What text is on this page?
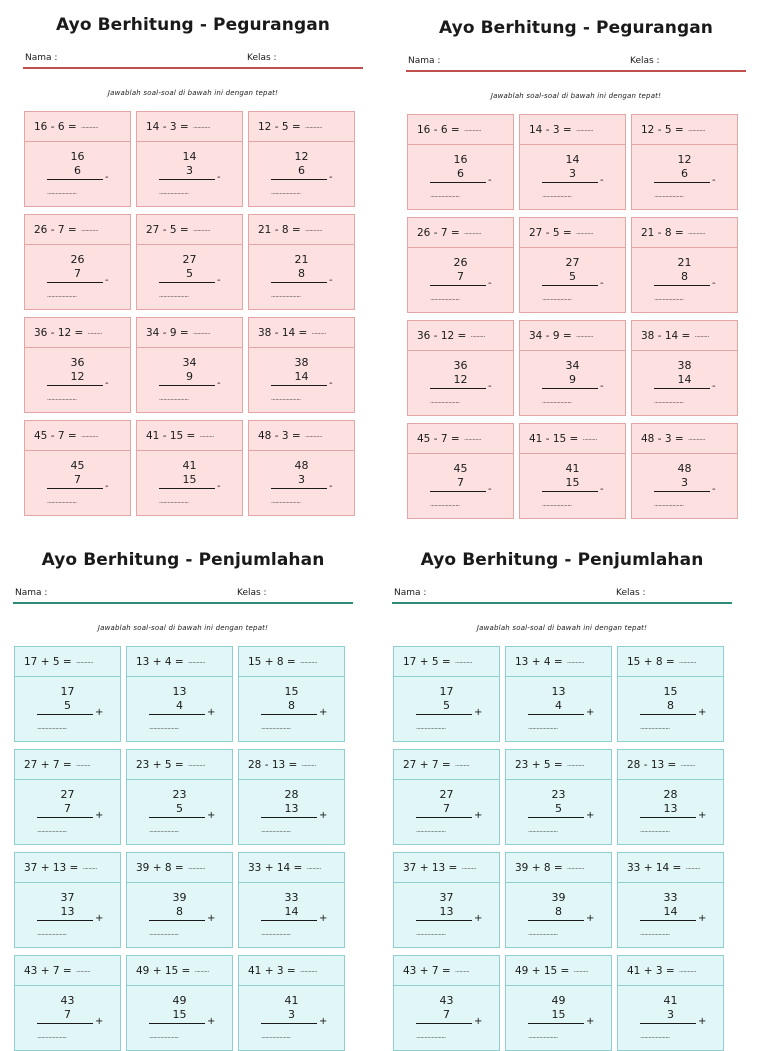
Ayo Berhitung - Pegurangan
Nama :	Kelas :
Jawablah soal-soal di bawah ini dengan tepat!
16 - 6 =
............
16
6
-
.....................
14 - 3 =
............
14
3
-
.....................
12 - 5 =
............
12
6
-
.....................
26 - 7 =
............
26
7
-
.....................
27 - 5 =
............
27
5
-
.....................
21 - 8 =
............
21
8
-
.....................
36 - 12 =
..........
36
12
-
.....................
34 - 9 =
............
34
9
-
.....................
38 - 14 =
..........
38
14
-
.....................
45 - 7 =
............
45
7
-
.....................
41 - 15 =
..........
41
15
-
.....................
48 - 3 =
............
48
3
-
.....................
Ayo Berhitung - Pegurangan
Nama :	Kelas :
Jawablah soal-soal di bawah ini dengan tepat!
16 - 6 =
............
16
6
-
.....................
14 - 3 =
............
14
3
-
.....................
12 - 5 =
............
12
6
-
.....................
26 - 7 =
............
26
7
-
.....................
27 - 5 =
............
27
5
-
.....................
21 - 8 =
............
21
8
-
.....................
36 - 12 =
..........
36
12
-
.....................
34 - 9 =
............
34
9
-
.....................
38 - 14 =
..........
38
14
-
.....................
45 - 7 =
............
45
7
-
.....................
41 - 15 =
..........
41
15
-
.....................
48 - 3 =
............
48
3
-
.....................
Ayo Berhitung - Penjumlahan
Nama :	Kelas :
Jawablah soal-soal di bawah ini dengan tepat!
17 + 5 =
............
17
5
+
.....................
13 + 4 =
............
13
4
+
.....................
15 + 8 =
............
15
8
+
.....................
27 + 7 =
..........
27
7
+
.....................
23 + 5 =
............
23
5
+
.....................
28 - 13 =
..........
28
13
+
.....................
37 + 13 =
..........
37
13
+
.....................
39 + 8 =
............
39
8
+
.....................
33 + 14 =
..........
33
14
+
.....................
43 + 7 =
..........
43
7
+
.....................
49 + 15 =
..........
49
15
+
.....................
41 + 3 =
............
41
3
+
.....................
Ayo Berhitung - Penjumlahan
Nama :	Kelas :
Jawablah soal-soal di bawah ini dengan tepat!
17 + 5 =
............
17
5
+
.....................
13 + 4 =
............
13
4
+
.....................
15 + 8 =
............
15
8
+
.....................
27 + 7 =
..........
27
7
+
.....................
23 + 5 =
............
23
5
+
.....................
28 - 13 =
..........
28
13
+
.....................
37 + 13 =
..........
37
13
+
.....................
39 + 8 =
............
39
8
+
.....................
33 + 14 =
..........
33
14
+
.....................
43 + 7 =
..........
43
7
+
.....................
49 + 15 =
..........
49
15
+
.....................
41 + 3 =
............
41
3
+
.....................
